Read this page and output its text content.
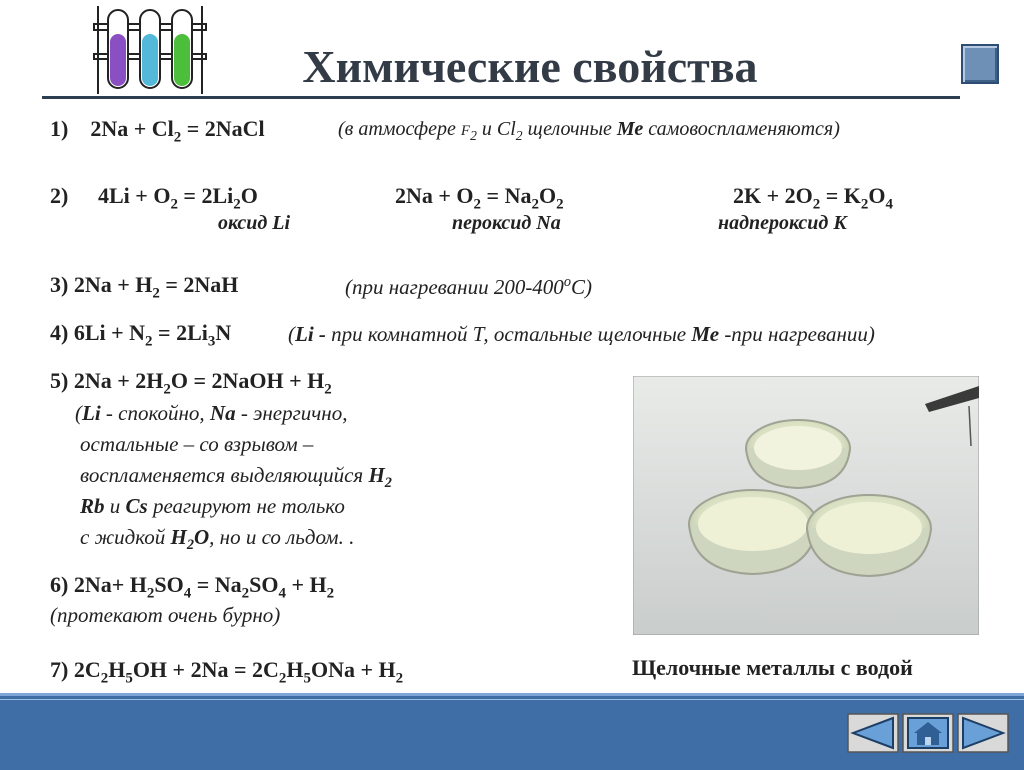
Химические свойства
1) $2Na + Cl_2$ = 2NaCl	(в атмосфере $F_2$ и $Cl_2$ щелочные Ме самовоспламеняются)
2) $4Li + O_2 = 2Li_2O$	$2Na + O_2 = Na_2O_2$	$2K + 2O_2 = K_2O_4$
оксид Li	пероксид Na	надпероксид K
3) $2Na + H_2 = 2NaH$	(при нагревании 200-400$^o$C)
4) $6Li + N_2 = 2Li_3N$	(Li - при комнатной Т, остальные щелочные Ме -при нагревании)
5) $2Na + 2H_2O$ = 2NaOH + $H_2$
(Li - спокойно, Na - энергично,
остальные – со взрывом –
воспламеняется выделяющийся $H_2$
Rb и Cs реагируют не только
с жидкой $H_2O$, но и со льдом. .
6) $2Na+ H_2SO_4 = Na_2SO_4 + H_2$
(протекают очень бурно)
7) $2C_2H_5OH + 2Na = 2C_2H_5ONa + H_2$	Щелочные металлы с водой
